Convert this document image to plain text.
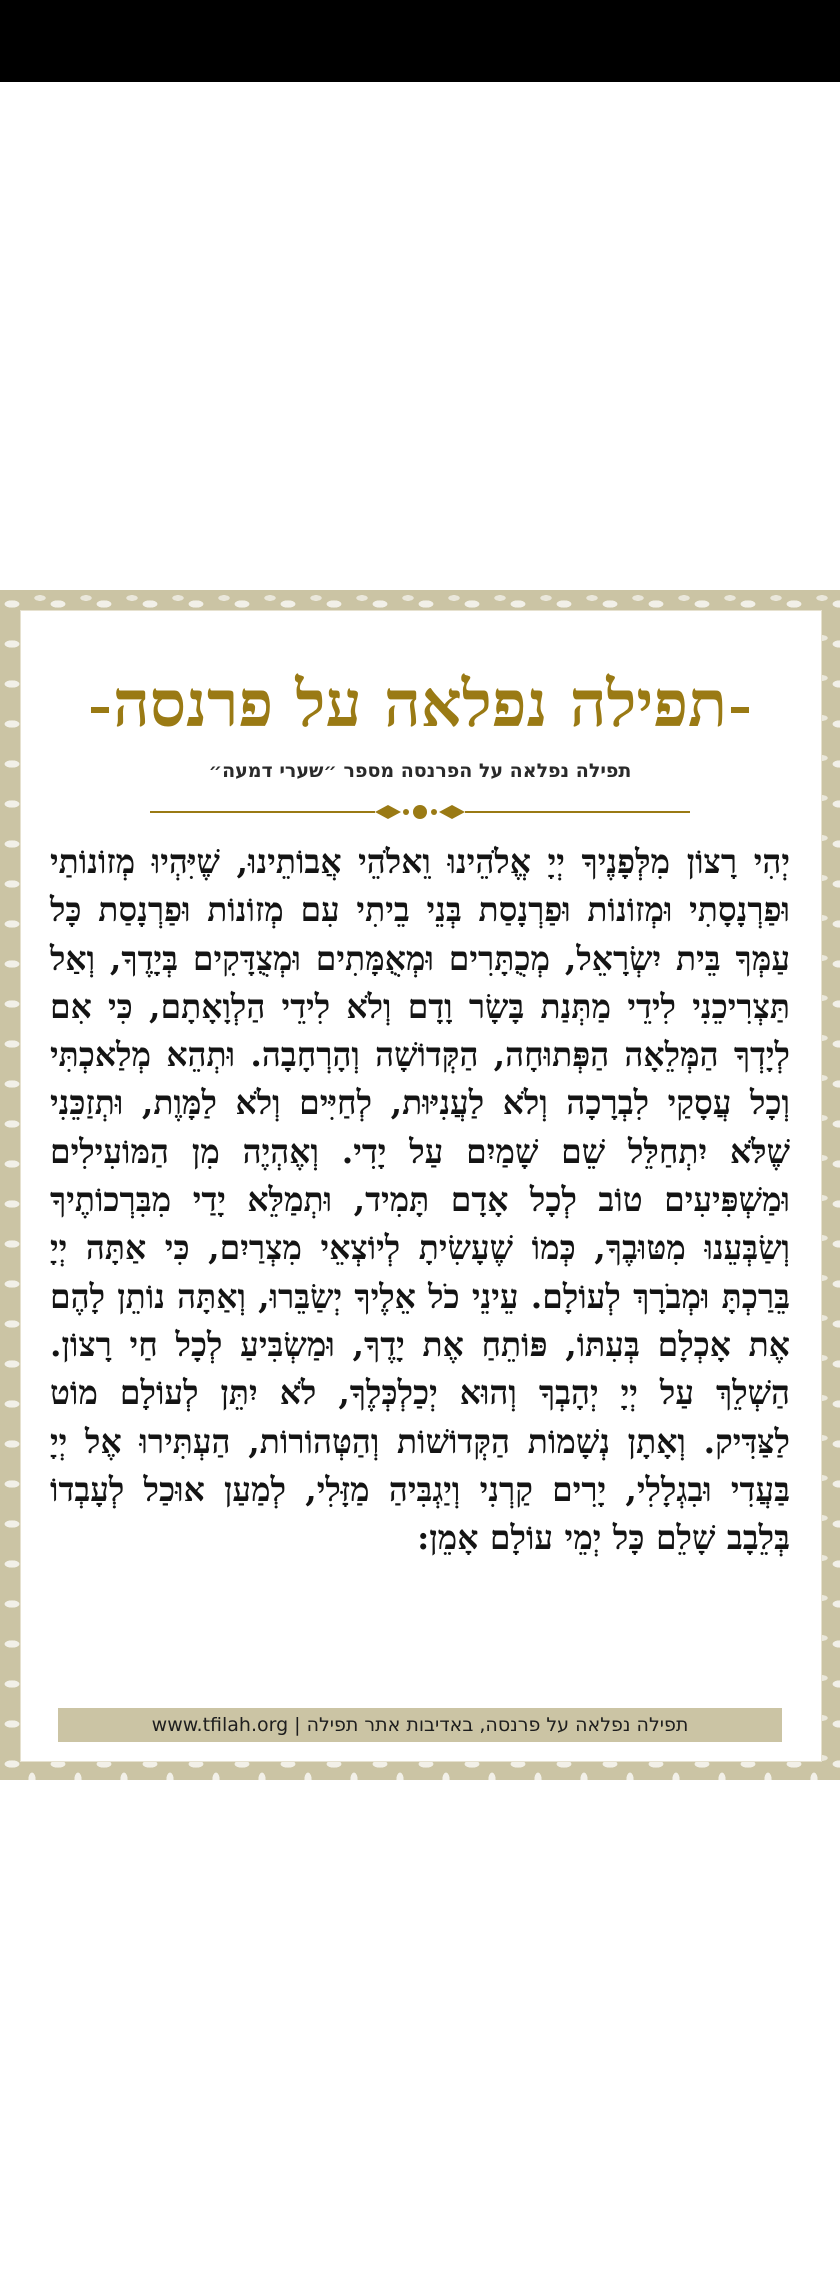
תפילה נפלאה על פרנסה
תפילה נפלאה על הפרנסה מספר ״שערי דמעה״

יְהִי רָצוֹן מִלְּפָנֶיךָ יְיָ אֱלֹהֵינוּ וֵאלֹהֵי אֲבוֹתֵינוּ, שֶׁיִּהְיוּ מְזוֹנוֹתַי וּפַרְנָסָתִי וּמְזוֹנוֹת וּפַרְנָסַת בְּנֵי בֵיתִי עִם מְזוֹנוֹת וּפַרְנָסַת כָּל עַמְּךָ בֵּית יִשְׂרָאֵל, מְכֻתָּרִים וּמְאֻמָּתִים וּמְצֻדָּקִים בְּיָדֶךָ, וְאַל תַּצְרִיכֵנִי לִידֵי מַתְּנַת בָּשָׂר וָדָם וְלֹא לִידֵי הַלְוָאָתָם, כִּי אִם לְיָדְךָ הַמְּלֵאָה הַפְּתוּחָה, הַקְּדוֹשָׁה וְהָרְחָבָה. וּתְהֵא מְלַאכְתִּי וְכָל עֲסָקַי לִבְרָכָה וְלֹא לַעֲנִיּוּת, לְחַיִּים וְלֹא לַמָּוֶת, וּתְזַכֵּנִי שֶׁלֹּא יִתְחַלֵּל שֵׁם שָׁמַיִם עַל יָדִי. וְאֶהְיֶה מִן הַמּוֹעִילִים וּמַשְׁפִּיעִים טוֹב לְכָל אָדָם תָּמִיד, וּתְמַלֵּא יָדַי מִבִּרְכוֹתֶיךָ וְשַׂבְּעֵנוּ מִטּוּבֶךָ, כְּמוֹ שֶׁעָשִׂיתָ לְיוֹצְאֵי מִצְרַיִם, כִּי אַתָּה יְיָ בֵּרַכְתָּ וּמְבֹרָךְ לְעוֹלָם. עֵינֵי כֹל אֵלֶיךָ יְשַׂבֵּרוּ, וְאַתָּה נוֹתֵן לָהֶם אֶת אָכְלָם בְּעִתּוֹ, פּוֹתֵחַ אֶת יָדֶךָ, וּמַשְׂבִּיעַ לְכָל חַי רָצוֹן. הַשְׁלֵךְ עַל יְיָ יְהָבְךָ וְהוּא יְכַלְכְּלֶךָ, לֹא יִתֵּן לְעוֹלָם מוֹט לַצַּדִּיק. וְאָתָן נְשָׁמוֹת הַקְּדוֹשׁוֹת וְהַטְּהוֹרוֹת, הַעְתִּירוּ אֶל יְיָ בַּעֲדִי וּבִגְלָלִי, יָרִים קַרְנִי וְיַגְבִּיהַ מַזָּלִי, לְמַעַן אוּכַל לְעָבְדוֹ בְּלֵבָב שָׁלֵם כָּל יְמֵי עוֹלָם אָמֵן:

תפילה נפלאה על פרנסה, באדיבות אתר תפילה
|
www.tfilah.org
